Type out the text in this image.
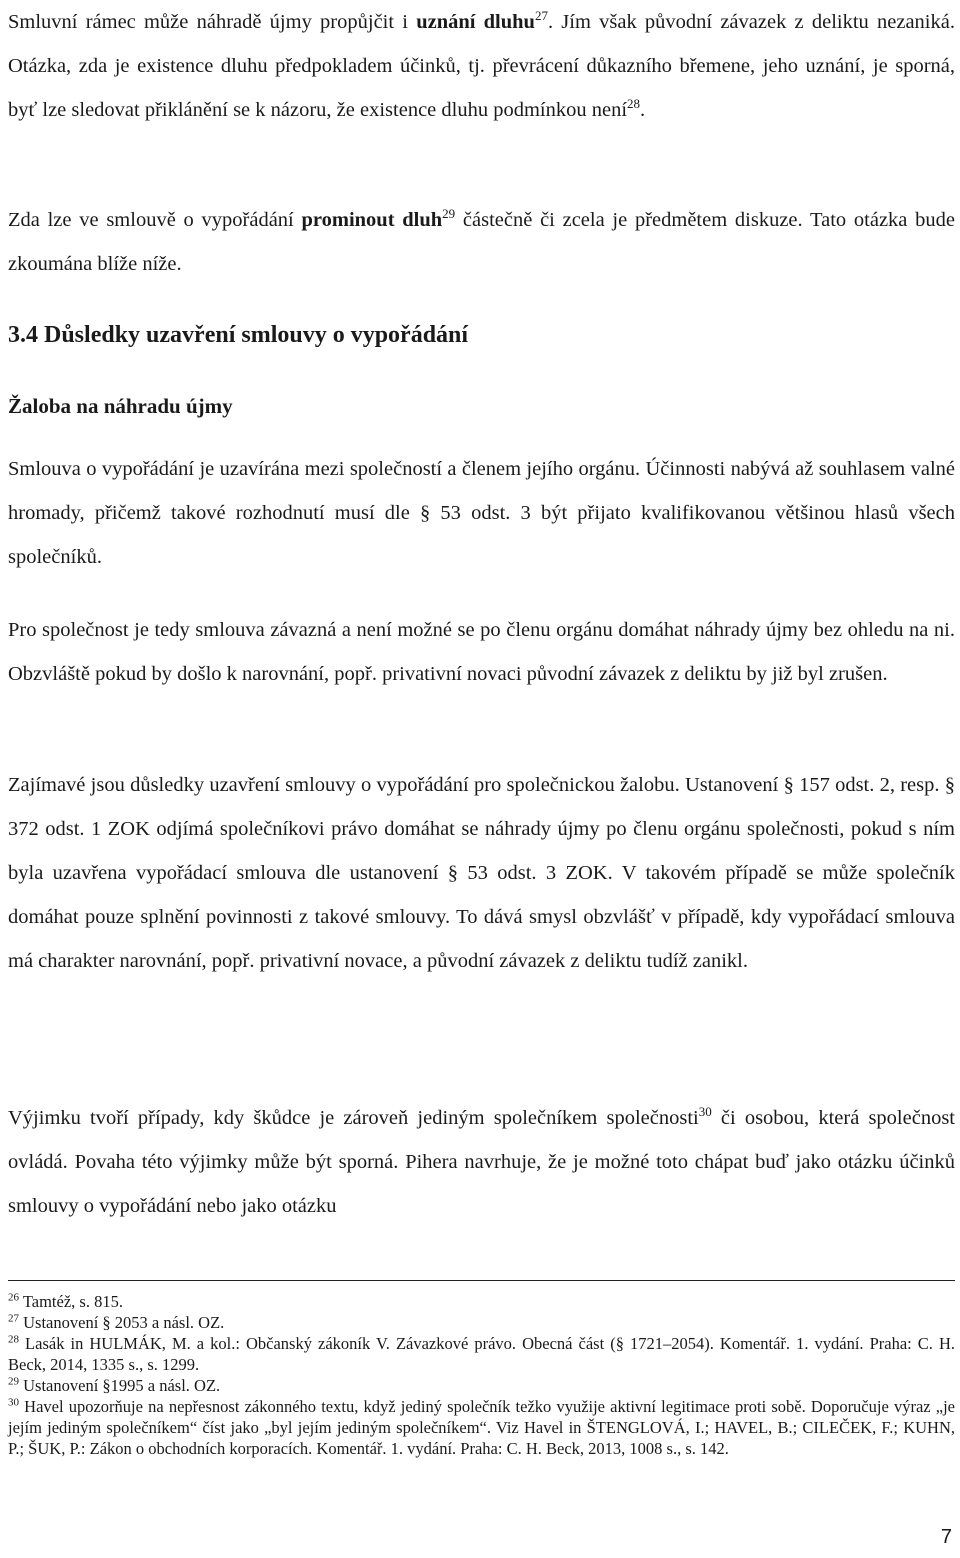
Smluvní rámec může náhradě újmy propůjčit i uznání dluhu$^{27}$. Jím však původní závazek z deliktu nezaniká. Otázka, zda je existence dluhu předpokladem účinků, tj. převrácení důkazního břemene, jeho uznání, je sporná, byť lze sledovat přiklánění se k názoru, že existence dluhu podmínkou není$^{28}$.

Zda lze ve smlouvě o vypořádání prominout dluh$^{29}$ částečně či zcela je předmětem diskuze. Tato otázka bude zkoumána blíže níže.

3.4 Důsledky uzavření smlouvy o vypořádání
Žaloba na náhradu újmy

Smlouva o vypořádání je uzavírána mezi společností a členem jejího orgánu. Účinnosti nabývá až souhlasem valné hromady, přičemž takové rozhodnutí musí dle § 53 odst. 3 být přijato kvalifikovanou většinou hlasů všech společníků.

Pro společnost je tedy smlouva závazná a není možné se po členu orgánu domáhat náhrady újmy bez ohledu na ni. Obzvláště pokud by došlo k narovnání, popř. privativní novaci původní závazek z deliktu by již byl zrušen.

Zajímavé jsou důsledky uzavření smlouvy o vypořádání pro společnickou žalobu. Ustanovení § 157 odst. 2, resp. § 372 odst. 1 ZOK odjímá společníkovi právo domáhat se náhrady újmy po členu orgánu společnosti, pokud s ním byla uzavřena vypořádací smlouva dle ustanovení § 53 odst. 3 ZOK. V takovém případě se může společník domáhat pouze splnění povinnosti z takové smlouvy. To dává smysl obzvlášť v případě, kdy vypořádací smlouva má charakter narovnání, popř. privativní novace, a původní závazek z deliktu tudíž zanikl.

Výjimku tvoří případy, kdy škůdce je zároveň jediným společníkem společnosti$^{30}$ či osobou, která společnost ovládá. Povaha této výjimky může být sporná. Pihera navrhuje, že je možné toto chápat buď jako otázku účinků smlouvy o vypořádání nebo jako otázku

$^{26}$ Tamtéž, s. 815.

$^{27}$ Ustanovení § 2053 a násl. OZ.

$^{28}$ Lasák in HULMÁK, M. a kol.: Občanský zákoník V. Závazkové právo. Obecná část (§ 1721–2054). Komentář. 1. vydání. Praha: C. H. Beck, 2014, 1335 s., s. 1299.

$^{29}$ Ustanovení §1995 a násl. OZ.

$^{30}$ Havel upozorňuje na nepřesnost zákonného textu, když jediný společník težko využije aktivní legitimace proti sobě. Doporučuje výraz „je jejím jediným společníkem“ číst jako „byl jejím jediným společníkem“. Viz Havel in ŠTENGLOVÁ, I.; HAVEL, B.; CILEČEK, F.; KUHN, P.; ŠUK, P.: Zákon o obchodních korporacích. Komentář. 1. vydání. Praha: C. H. Beck, 2013, 1008 s., s. 142.

7
